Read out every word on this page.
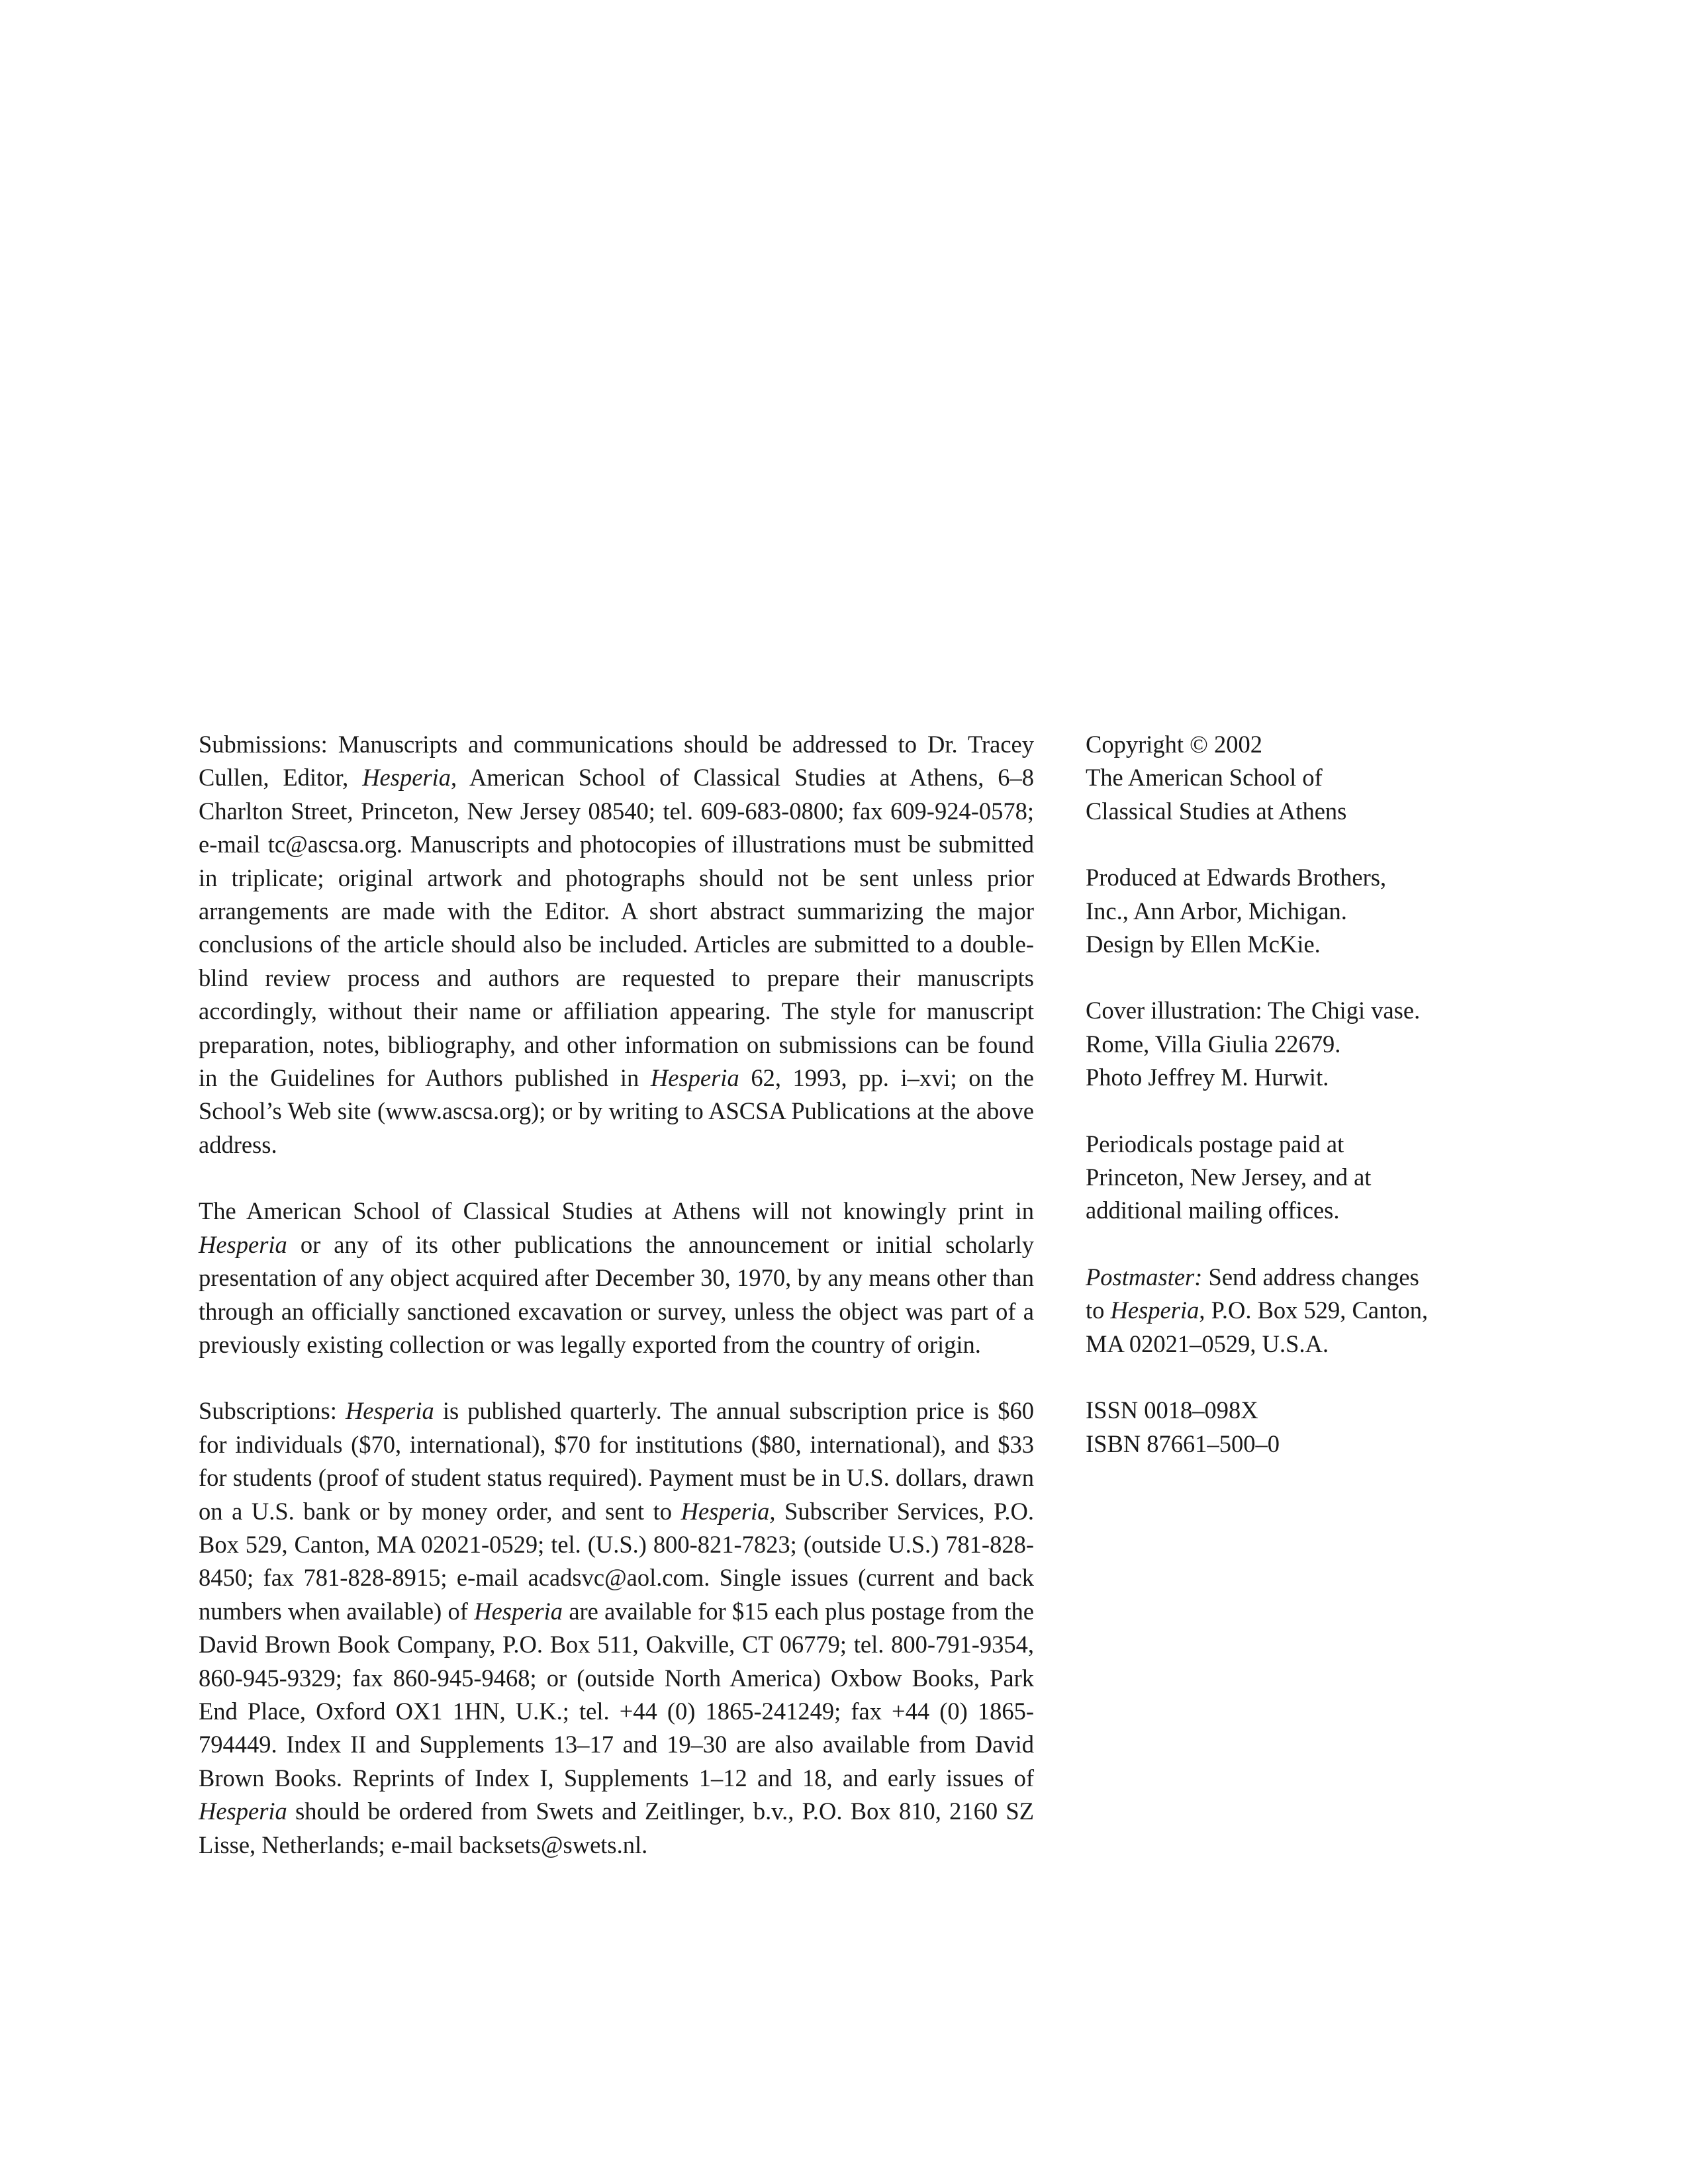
Submissions: Manuscripts and communications should be addressed to Dr. Tracey Cullen, Editor, Hesperia, American School of Classical Studies at Athens, 6–8 Charlton Street, Princeton, New Jersey 08540; tel. 609-683-0800; fax 609-924-0578; e-mail tc@ascsa.org. Manuscripts and photocopies of illustrations must be submitted in triplicate; original artwork and photographs should not be sent unless prior arrangements are made with the Editor. A short abstract summarizing the major conclusions of the article should also be included. Articles are submitted to a double-blind review process and authors are requested to prepare their manuscripts accordingly, without their name or affiliation appearing. The style for manuscript preparation, notes, bibliography, and other information on submissions can be found in the Guidelines for Authors published in Hesperia 62, 1993, pp. i–xvi; on the School’s Web site (www.ascsa.org); or by writing to ASCSA Publications at the above address.

The American School of Classical Studies at Athens will not knowingly print in Hesperia or any of its other publications the announcement or initial scholarly presentation of any object acquired after December 30, 1970, by any means other than through an officially sanctioned excavation or survey, unless the object was part of a previously existing collection or was legally exported from the country of origin.

Subscriptions: Hesperia is published quarterly. The annual subscription price is $60 for individuals ($70, international), $70 for institutions ($80, international), and $33 for students (proof of student status required). Payment must be in U.S. dollars, drawn on a U.S. bank or by money order, and sent to Hesperia, Subscriber Services, P.O. Box 529, Canton, MA 02021-0529; tel. (U.S.) 800-821-7823; (outside U.S.) 781-828-8450; fax 781-828-8915; e-mail acadsvc@aol.com. Single issues (current and back numbers when available) of Hesperia are available for $15 each plus postage from the David Brown Book Company, P.O. Box 511, Oakville, CT 06779; tel. 800-791-9354, 860-945-9329; fax 860-945-9468; or (outside North America) Oxbow Books, Park End Place, Oxford OX1 1HN, U.K.; tel. +44 (0) 1865-241249; fax +44 (0) 1865-794449. Index II and Supplements 13–17 and 19–30 are also available from David Brown Books. Reprints of Index I, Supplements 1–12 and 18, and early issues of Hesperia should be ordered from Swets and Zeitlinger, b.v., P.O. Box 810, 2160 SZ Lisse, Netherlands; e-mail backsets@swets.nl.

Copyright © 2002
The American School of
Classical Studies at Athens

Produced at Edwards Brothers,
Inc., Ann Arbor, Michigan.
Design by Ellen McKie.

Cover illustration: The Chigi vase.
Rome, Villa Giulia 22679.
Photo Jeffrey M. Hurwit.

Periodicals postage paid at
Princeton, New Jersey, and at
additional mailing offices.

Postmaster: Send address changes
to Hesperia, P.O. Box 529, Canton,
MA 02021–0529, U.S.A.

ISSN 0018–098X
ISBN 87661–500–0
